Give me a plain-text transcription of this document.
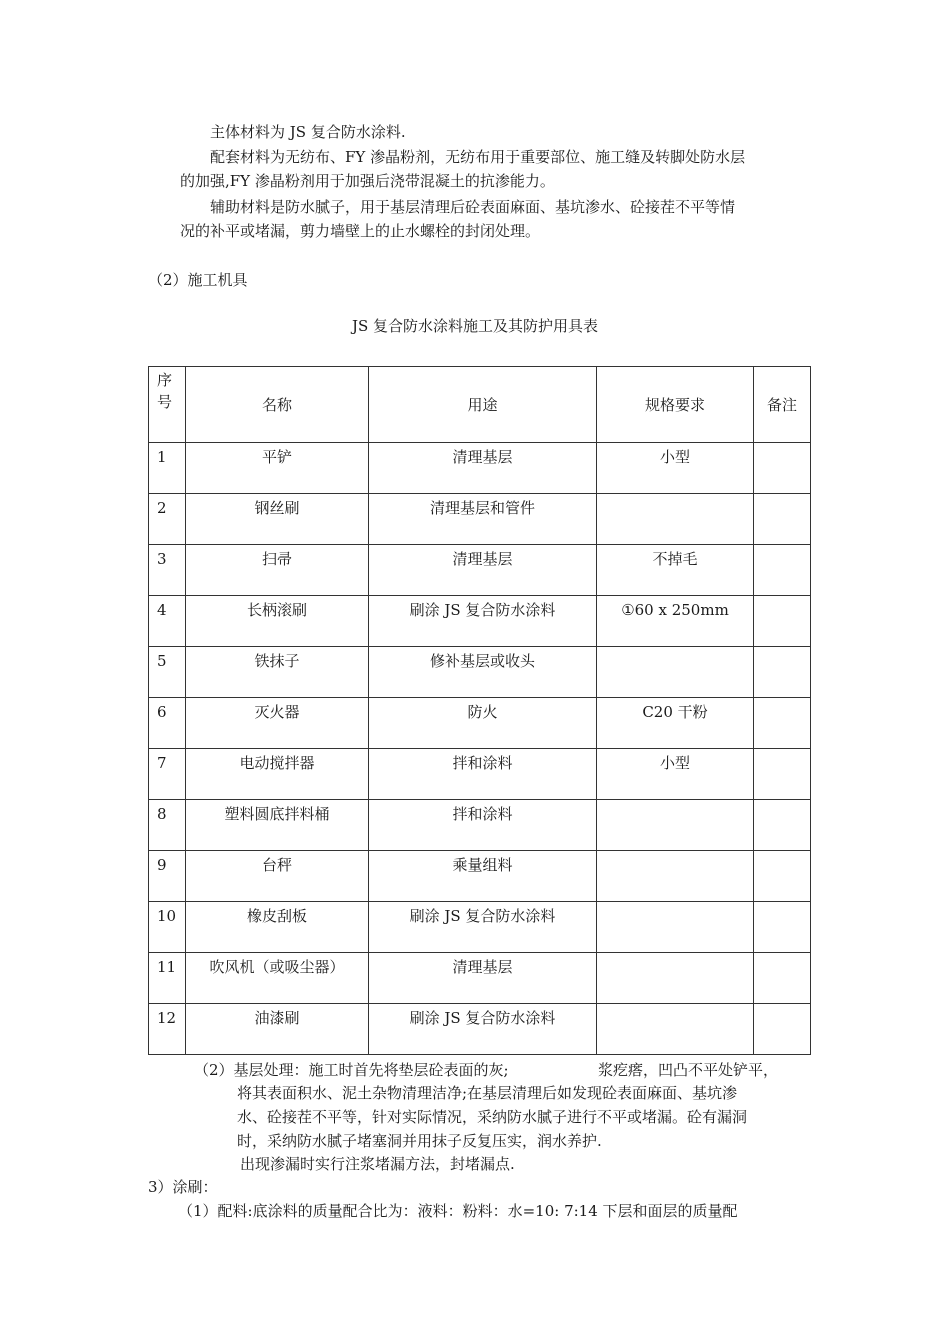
主体材料为 JS 复合防水涂料.
配套材料为无纺布、FY 渗晶粉剂，无纺布用于重要部位、施工缝及转脚处防水层
的加强,FY 渗晶粉剂用于加强后浇带混凝土的抗渗能力。
辅助材料是防水腻子，用于基层清理后砼表面麻面、基坑渗水、砼接茬不平等情
况的补平或堵漏，剪力墙壁上的止水螺栓的封闭处理。
（2）施工机具
JS 复合防水涂料施工及其防护用具表
序
号	名称	用途	规格要求	备注
1	平铲	清理基层	小型	
2	钢丝刷	清理基层和管件		
3	扫帚	清理基层	不掉毛	
4	长柄滚刷	刷涂 JS 复合防水涂料	①60 x 250mm	
5	铁抹子	修补基层或收头		
6	灭火器	防火	C20 干粉	
7	电动搅拌器	拌和涂料	小型	
8	塑料圆底拌料桶	拌和涂料		
9	台秤	乘量组料		
10	橡皮刮板	刷涂 JS 复合防水涂料		
11	吹风机（或吸尘器）	清理基层		
12	油漆刷	刷涂 JS 复合防水涂料		
（2）基层处理：施工时首先将垫层砼表面的灰;	浆疙瘩，凹凸不平处铲平，
将其表面积水、泥土杂物清理洁净;在基层清理后如发现砼表面麻面、基坑渗
水、砼接茬不平等，针对实际情况，采纳防水腻子进行不平或堵漏。砼有漏洞
时，采纳防水腻子堵塞洞并用抹子反复压实，润水养护.
出现渗漏时实行注浆堵漏方法，封堵漏点.
3）涂刷：
（1）配料:底涂料的质量配合比为：液料：粉料：水=10: 7:14 下层和面层的质量配
